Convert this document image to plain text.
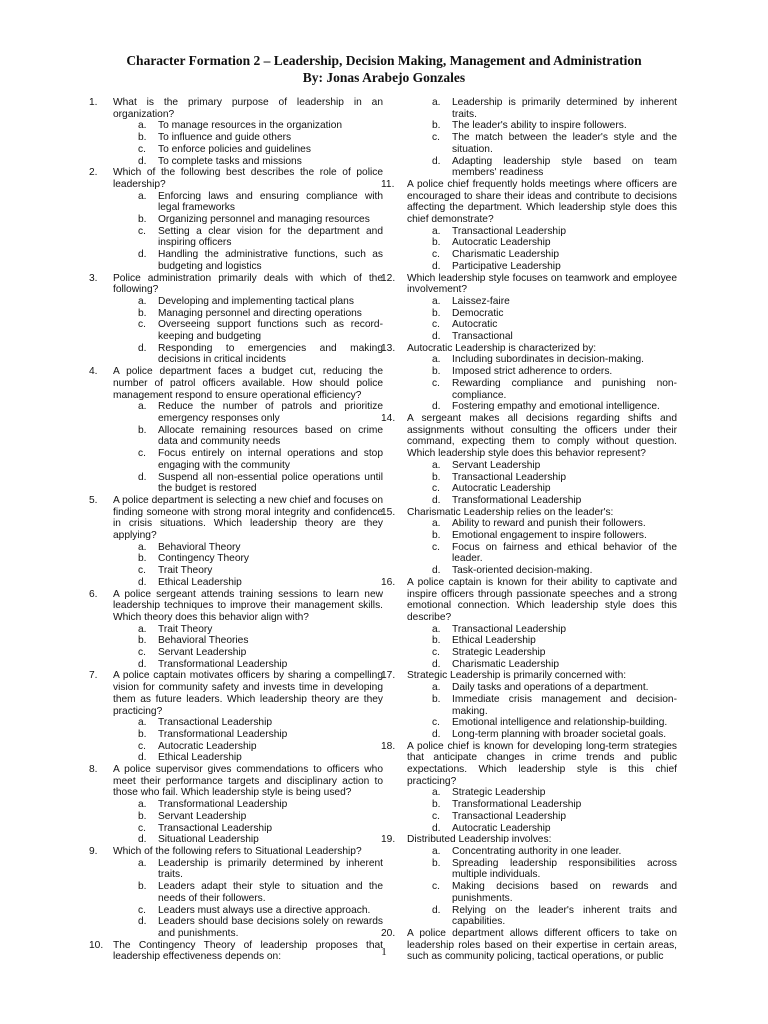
Character Formation 2 – Leadership, Decision Making, Management and Administration
By: Jonas Arabejo Gonzales
1. What is the primary purpose of leadership in an organization?
a. To manage resources in the organization
b. To influence and guide others
c. To enforce policies and guidelines
d. To complete tasks and missions
2. Which of the following best describes the role of police leadership?
a. Enforcing laws and ensuring compliance with legal frameworks
b. Organizing personnel and managing resources
c. Setting a clear vision for the department and inspiring officers
d. Handling the administrative functions, such as budgeting and logistics
3. Police administration primarily deals with which of the following?
a. Developing and implementing tactical plans
b. Managing personnel and directing operations
c. Overseeing support functions such as record-keeping and budgeting
d. Responding to emergencies and making decisions in critical incidents
4. A police department faces a budget cut, reducing the number of patrol officers available. How should police management respond to ensure operational efficiency?
a. Reduce the number of patrols and prioritize emergency responses only
b. Allocate remaining resources based on crime data and community needs
c. Focus entirely on internal operations and stop engaging with the community
d. Suspend all non-essential police operations until the budget is restored
5. A police department is selecting a new chief and focuses on finding someone with strong moral integrity and confidence in crisis situations. Which leadership theory are they applying?
a. Behavioral Theory
b. Contingency Theory
c. Trait Theory
d. Ethical Leadership
6. A police sergeant attends training sessions to learn new leadership techniques to improve their management skills. Which theory does this behavior align with?
a. Trait Theory
b. Behavioral Theories
c. Servant Leadership
d. Transformational Leadership
7. A police captain motivates officers by sharing a compelling vision for community safety and invests time in developing them as future leaders. Which leadership theory are they practicing?
a. Transactional Leadership
b. Transformational Leadership
c. Autocratic Leadership
d. Ethical Leadership
8. A police supervisor gives commendations to officers who meet their performance targets and disciplinary action to those who fail. Which leadership style is being used?
a. Transformational Leadership
b. Servant Leadership
c. Transactional Leadership
d. Situational Leadership
9. Which of the following refers to Situational Leadership?
a. Leadership is primarily determined by inherent traits.
b. Leaders adapt their style to situation and the needs of their followers.
c. Leaders must always use a directive approach.
d. Leaders should base decisions solely on rewards and punishments.
10. The Contingency Theory of leadership proposes that leadership effectiveness depends on:
a. Leadership is primarily determined by inherent traits.
b. The leader's ability to inspire followers.
c. The match between the leader's style and the situation.
d. Adapting leadership style based on team members' readiness
11. A police chief frequently holds meetings where officers are encouraged to share their ideas and contribute to decisions affecting the department. Which leadership style does this chief demonstrate?
a. Transactional Leadership
b. Autocratic Leadership
c. Charismatic Leadership
d. Participative Leadership
12. Which leadership style focuses on teamwork and employee involvement?
a. Laissez-faire
b. Democratic
c. Autocratic
d. Transactional
13. Autocratic Leadership is characterized by:
a. Including subordinates in decision-making.
b. Imposed strict adherence to orders.
c. Rewarding compliance and punishing non-compliance.
d. Fostering empathy and emotional intelligence.
14. A sergeant makes all decisions regarding shifts and assignments without consulting the officers under their command, expecting them to comply without question. Which leadership style does this behavior represent?
a. Servant Leadership
b. Transactional Leadership
c. Autocratic Leadership
d. Transformational Leadership
15. Charismatic Leadership relies on the leader's:
a. Ability to reward and punish their followers.
b. Emotional engagement to inspire followers.
c. Focus on fairness and ethical behavior of the leader.
d. Task-oriented decision-making.
16. A police captain is known for their ability to captivate and inspire officers through passionate speeches and a strong emotional connection. Which leadership style does this describe?
a. Transactional Leadership
b. Ethical Leadership
c. Strategic Leadership
d. Charismatic Leadership
17. Strategic Leadership is primarily concerned with:
a. Daily tasks and operations of a department.
b. Immediate crisis management and decision-making.
c. Emotional intelligence and relationship-building.
d. Long-term planning with broader societal goals.
18. A police chief is known for developing long-term strategies that anticipate changes in crime trends and public expectations. Which leadership style is this chief practicing?
a. Strategic Leadership
b. Transformational Leadership
c. Transactional Leadership
d. Autocratic Leadership
19. Distributed Leadership involves:
a. Concentrating authority in one leader.
b. Spreading leadership responsibilities across multiple individuals.
c. Making decisions based on rewards and punishments.
d. Relying on the leader's inherent traits and capabilities.
20. A police department allows different officers to take on leadership roles based on their expertise in certain areas, such as community policing, tactical operations, or public
1
